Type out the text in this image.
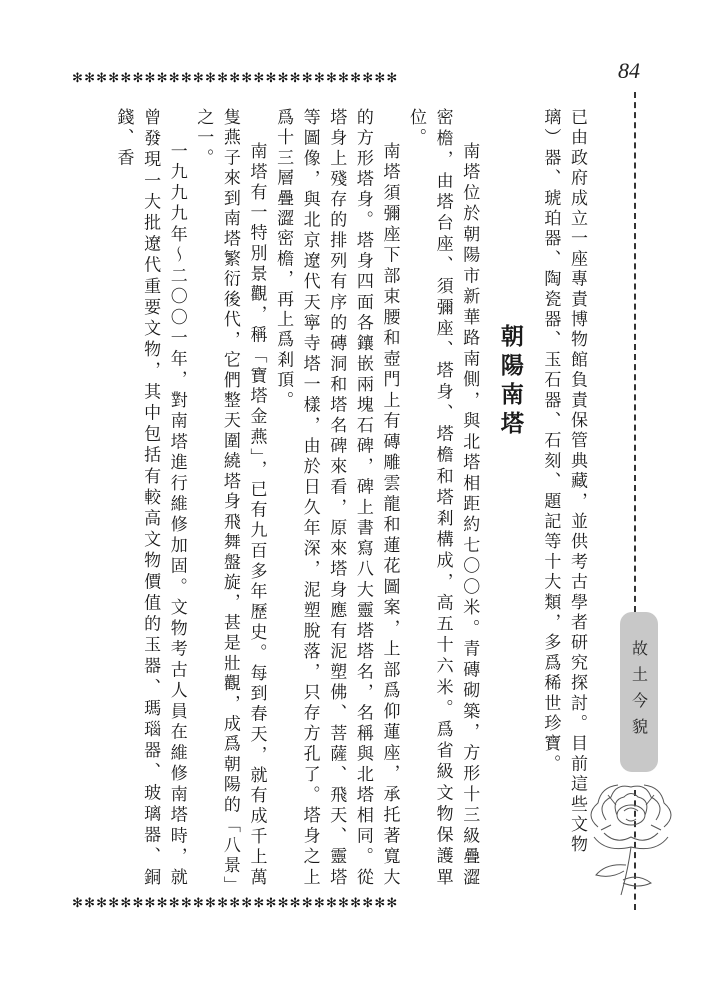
84
✻✻✻✻✻✻✻✻✻✻✻✻✻✻✻✻✻✻✻✻✻✻✻✻✻✻✻
✻✻✻✻✻✻✻✻✻✻✻✻✻✻✻✻✻✻✻✻✻✻✻✻✻✻✻
故土今貌

已由政府成立一座專責博物館負責保管典藏，並供考古學者研究探討。目前這些文物

璃）器、琥珀器、陶瓷器、玉石器、石刻、題記等十大類，多爲稀世珍寶。

朝陽南塔

南塔位於朝陽市新華路南側，與北塔相距約七〇〇米。青磚砌築，方形十三級疊澀密檐，由塔台座、須彌座、塔身、塔檐和塔剎構成，高五十六米。爲省級文物保護單位。

南塔須彌座下部束腰和壺門上有磚雕雲龍和蓮花圖案，上部爲仰蓮座，承托著寬大的方形塔身。塔身四面各鑲嵌兩塊石碑，碑上書寫八大靈塔塔名，名稱與北塔相同。從塔身上殘存的排列有序的磚洞和塔名碑來看，原來塔身應有泥塑佛、菩薩、飛天、靈塔等圖像，與北京遼代天寧寺塔一樣，由於日久年深，泥塑脫落，只存方孔了。塔身之上爲十三層疊澀密檐，再上爲剎頂。

南塔有一特別景觀，稱「寶塔金燕」，已有九百多年歷史。每到春天，就有成千上萬隻燕子來到南塔繁衍後代，它們整天圍繞塔身飛舞盤旋，甚是壯觀，成爲朝陽的「八景」之一。

一九九九年～二〇〇一年，對南塔進行維修加固。文物考古人員在維修南塔時，就曾發現一大批遼代重要文物，其中包括有較高文物價值的玉器、瑪瑙器、玻璃器、銅錢、香
